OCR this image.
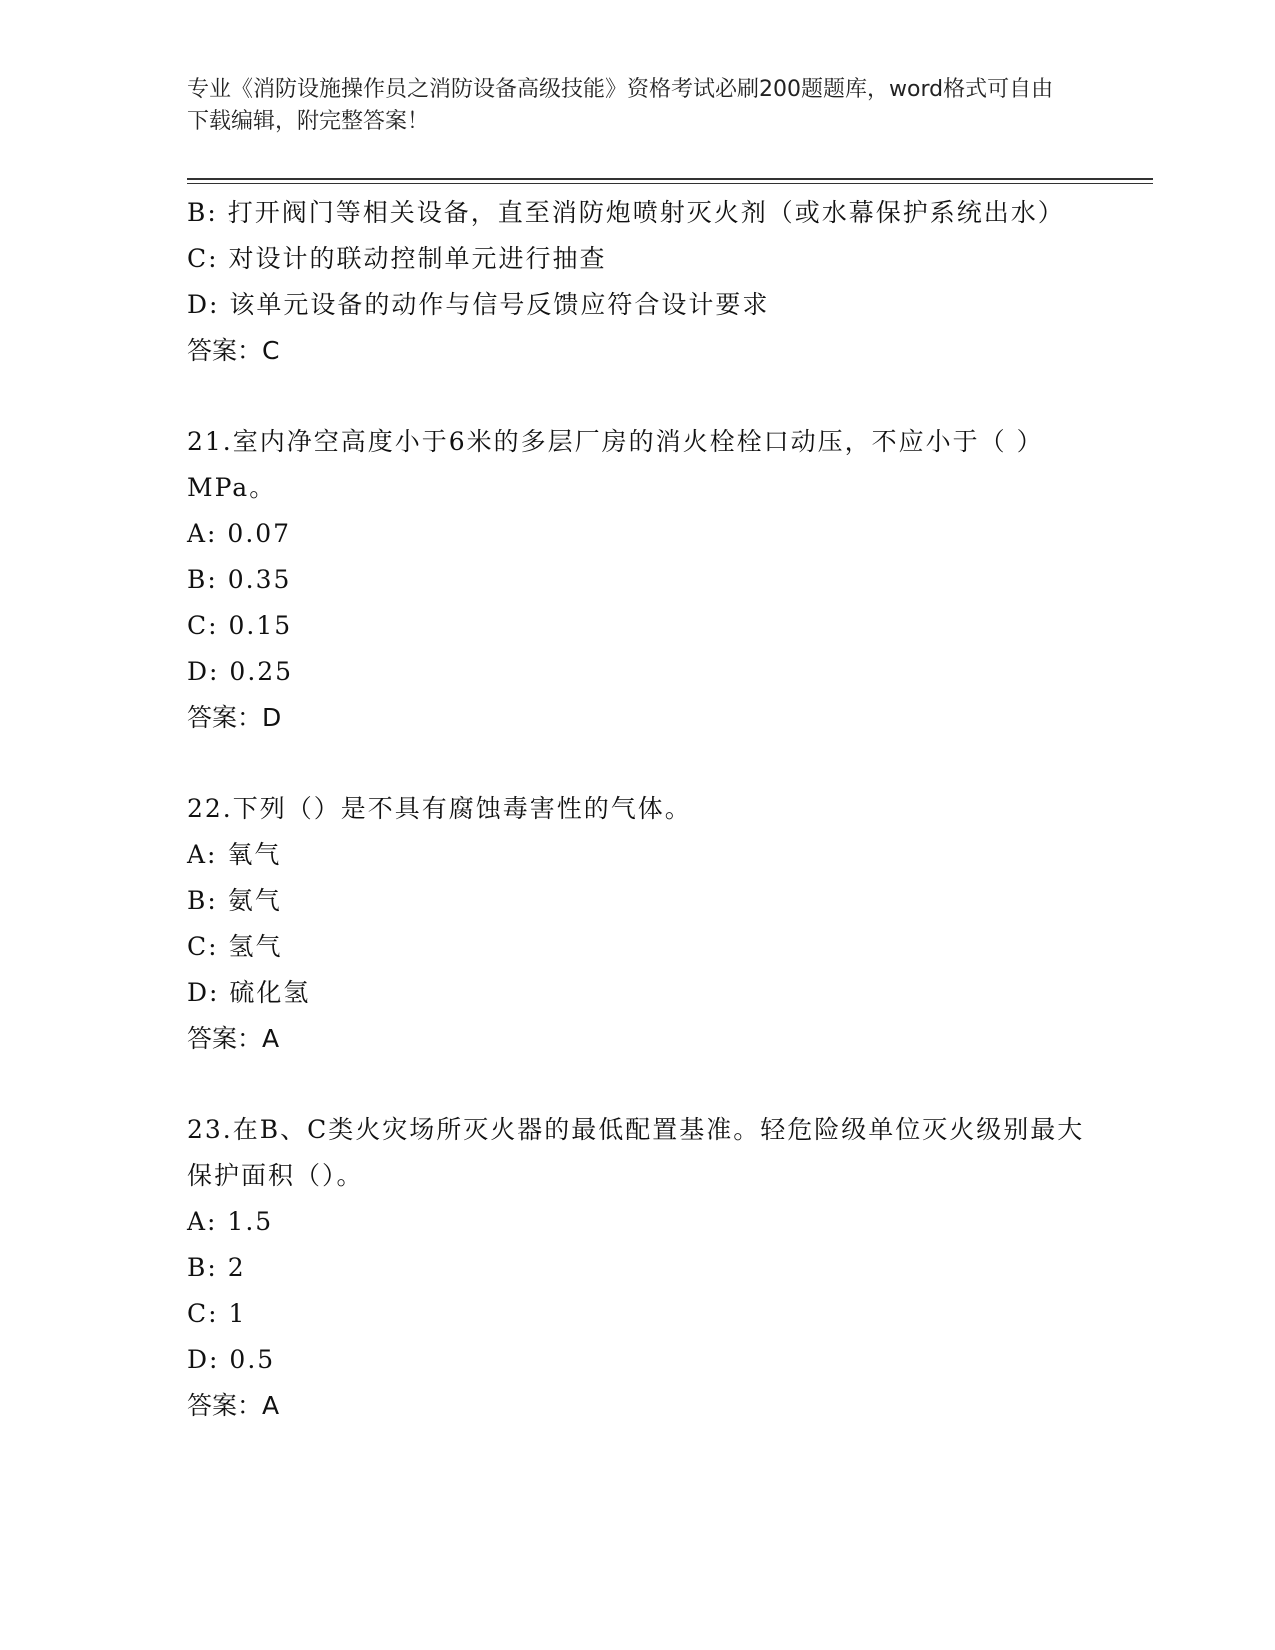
专业《消防设施操作员之消防设备高级技能》资格考试必刷200题题库，word格式可自由下载编辑，附完整答案！

B: 打开阀门等相关设备，直至消防炮喷射灭火剂（或水幕保护系统出水）

C: 对设计的联动控制单元进行抽查

D: 该单元设备的动作与信号反馈应符合设计要求

答案：C

21.室内净空高度小于6米的多层厂房的消火栓栓口动压，不应小于（ ）MPa。

A: 0.07

B: 0.35

C: 0.15

D: 0.25

答案：D

22.下列（）是不具有腐蚀毒害性的气体。

A: 氧气

B: 氨气

C: 氢气

D: 硫化氢

答案：A

23.在B、C类火灾场所灭火器的最低配置基准。轻危险级单位灭火级别最大保护面积（）。

A: 1.5

B: 2

C: 1

D: 0.5

答案：A
